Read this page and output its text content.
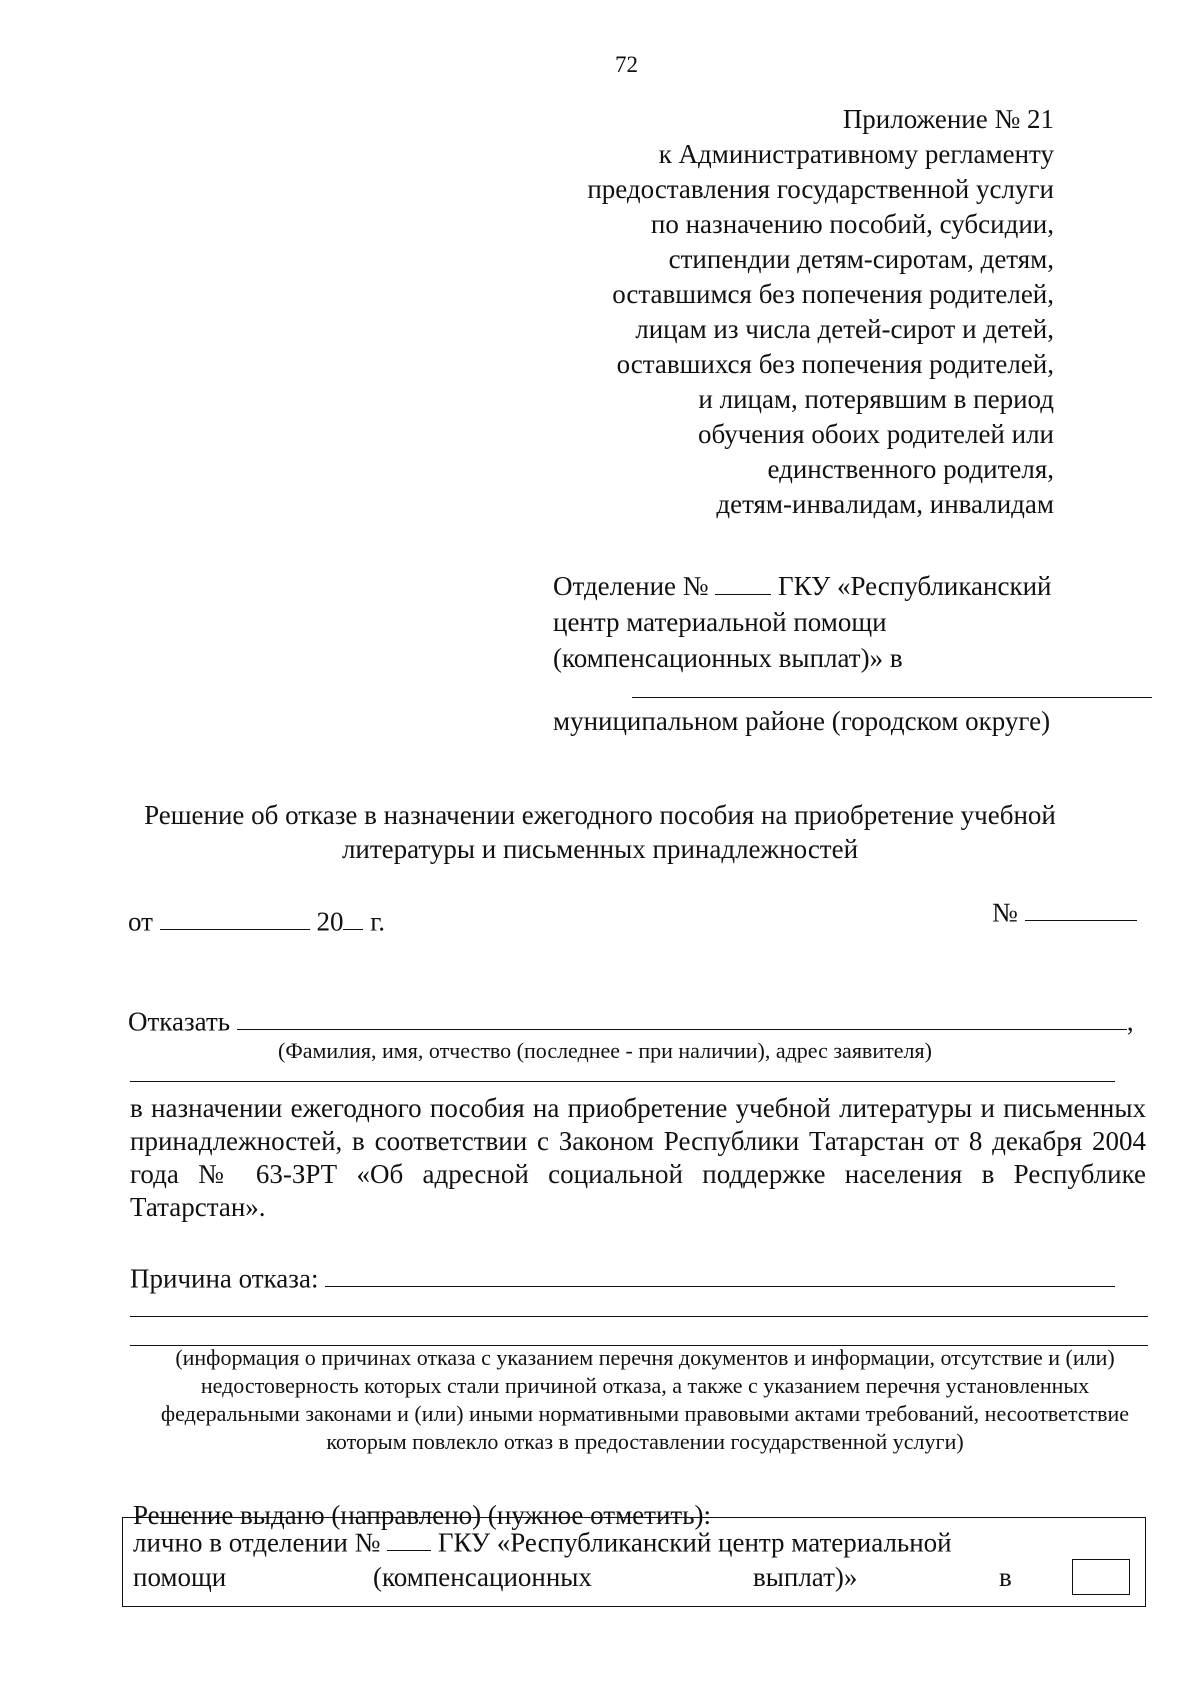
72
Приложение № 21
к Административному регламенту
предоставления государственной услуги
по назначению пособий, субсидии,
стипендии детям-сиротам, детям,
оставшимся без попечения родителей,
лицам из числа детей-сирот и детей,
оставшихся без попечения родителей,
и лицам, потерявшим в период
обучения обоих родителей или
единственного родителя,
детям-инвалидам, инвалидам
Отделение №	ГКУ «Республиканский
центр материальной помощи
(компенсационных выплат)» в
муниципальном районе (городском округе)
Решение об отказе в назначении ежегодного пособия на приобретение учебной
литературы и письменных принадлежностей
от	20 г.	№
Отказать	,
(Фамилия, имя, отчество (последнее - при наличии), адрес заявителя)
в назначении ежегодного пособия на приобретение учебной литературы и письменных принадлежностей, в соответствии с Законом Республики Татарстан от 8 декабря 2004 года № 63-ЗРТ «Об адресной социальной поддержке населения в Республике Татарстан».
Причина отказа:
(информация о причинах отказа с указанием перечня документов и информации, отсутствие и (или) недостоверность которых стали причиной отказа, а также с указанием перечня установленных федеральными законами и (или) иными нормативными правовыми актами требований, несоответствие которым повлекло отказ в предоставлении государственной услуги)
Решение выдано (направлено) (нужное отметить):
лично в отделении № ГКУ «Республиканский центр материальной
помощи	(компенсационных	выплат)»	в
